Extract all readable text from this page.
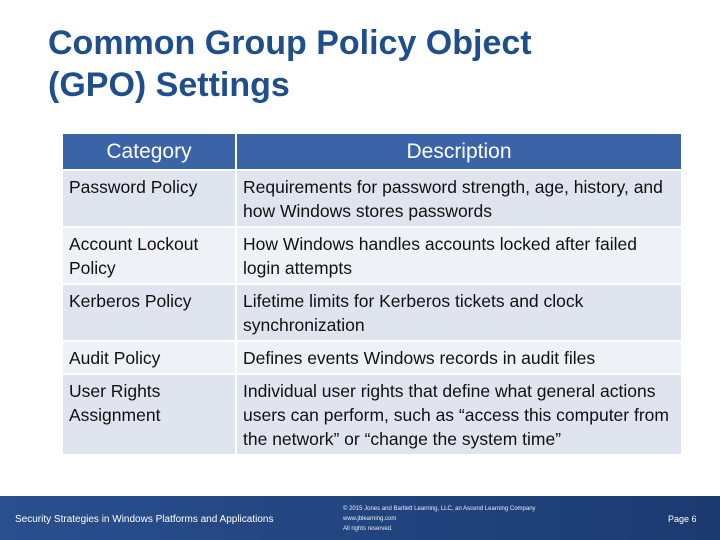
Common Group Policy Object
(GPO) Settings
Category	Description
Password Policy	Requirements for password strength, age, history, and how Windows stores passwords
Account Lockout Policy	How Windows handles accounts locked after failed login attempts
Kerberos Policy	Lifetime limits for Kerberos tickets and clock synchronization
Audit Policy	Defines events Windows records in audit files
User Rights Assignment	Individual user rights that define what general actions users can perform, such as “access this computer from the network” or “change the system time”
Security Strategies in Windows Platforms and Applications
© 2015 Jones and Bartlett Learning, LLC, an Ascend Learning Company
www.jblearning.com
All rights reserved.
Page 6
